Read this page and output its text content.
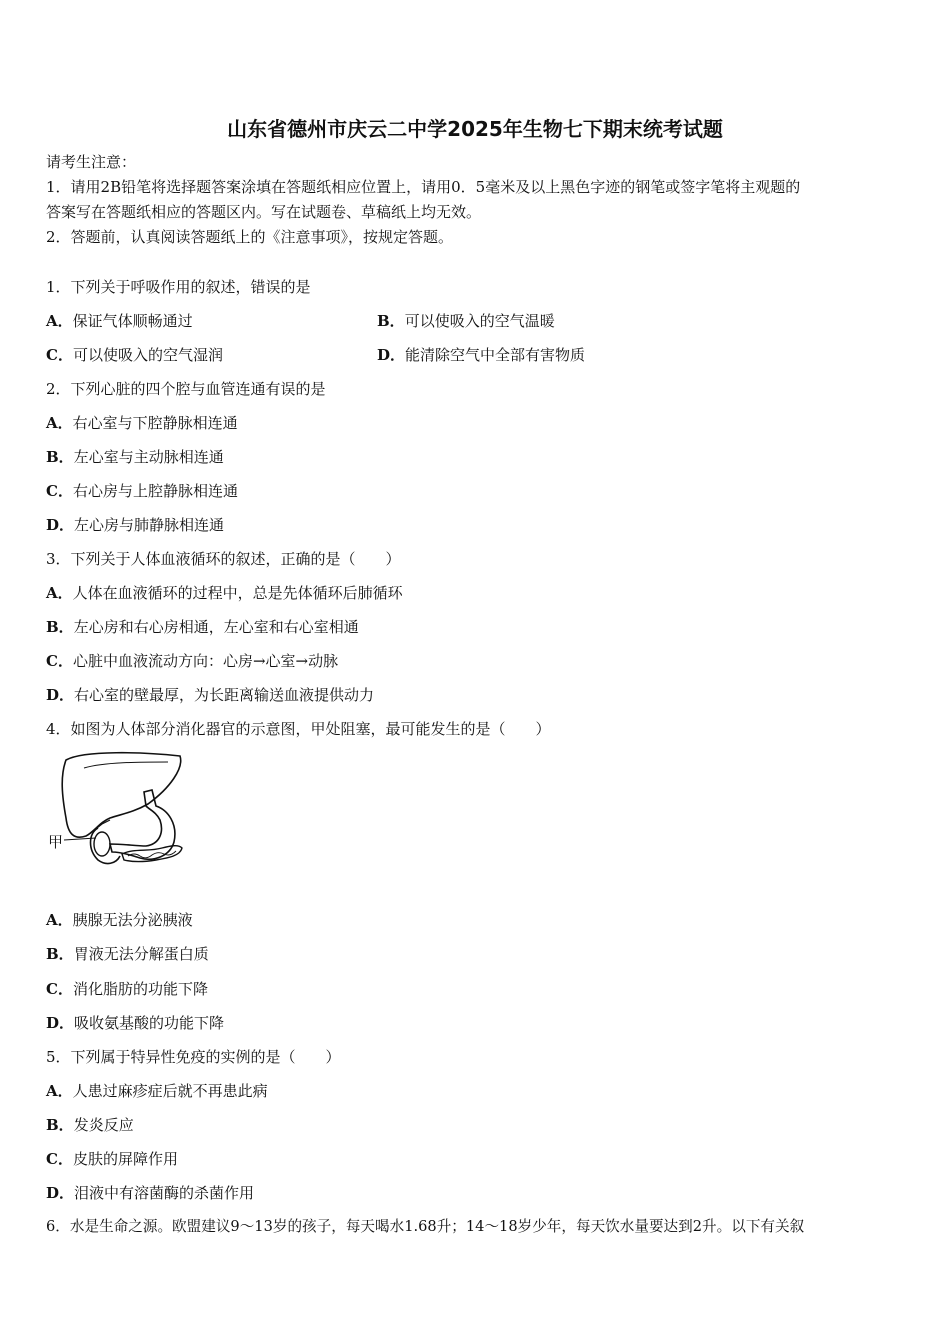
山东省德州市庆云二中学2025年生物七下期末统考试题
请考生注意：
1．请用2B铅笔将选择题答案涂填在答题纸相应位置上，请用0．5毫米及以上黑色字迹的钢笔或签字笔将主观题的
答案写在答题纸相应的答题区内。写在试题卷、草稿纸上均无效。
2．答题前，认真阅读答题纸上的《注意事项》，按规定答题。
1．下列关于呼吸作用的叙述，错误的是
A．保证气体顺畅通过	B．可以使吸入的空气温暖
C．可以使吸入的空气湿润	D．能清除空气中全部有害物质
2．下列心脏的四个腔与血管连通有误的是
A．右心室与下腔静脉相连通
B．左心室与主动脉相连通
C．右心房与上腔静脉相连通
D．左心房与肺静脉相连通
3．下列关于人体血液循环的叙述，正确的是（　　）
A．人体在血液循环的过程中，总是先体循环后肺循环
B．左心房和右心房相通，左心室和右心室相通
C．心脏中血液流动方向：心房→心室→动脉
D．右心室的壁最厚，为长距离输送血液提供动力
4．如图为人体部分消化器官的示意图，甲处阻塞，最可能发生的是（　　）
甲
A．胰腺无法分泌胰液
B．胃液无法分解蛋白质
C．消化脂肪的功能下降
D．吸收氨基酸的功能下降
5．下列属于特异性免疫的实例的是（　　）
A．人患过麻疹症后就不再患此病
B．发炎反应
C．皮肤的屏障作用
D．泪液中有溶菌酶的杀菌作用
6．水是生命之源。欧盟建议9～13岁的孩子，每天喝水1.68升；14～18岁少年，每天饮水量要达到2升。以下有关叙
